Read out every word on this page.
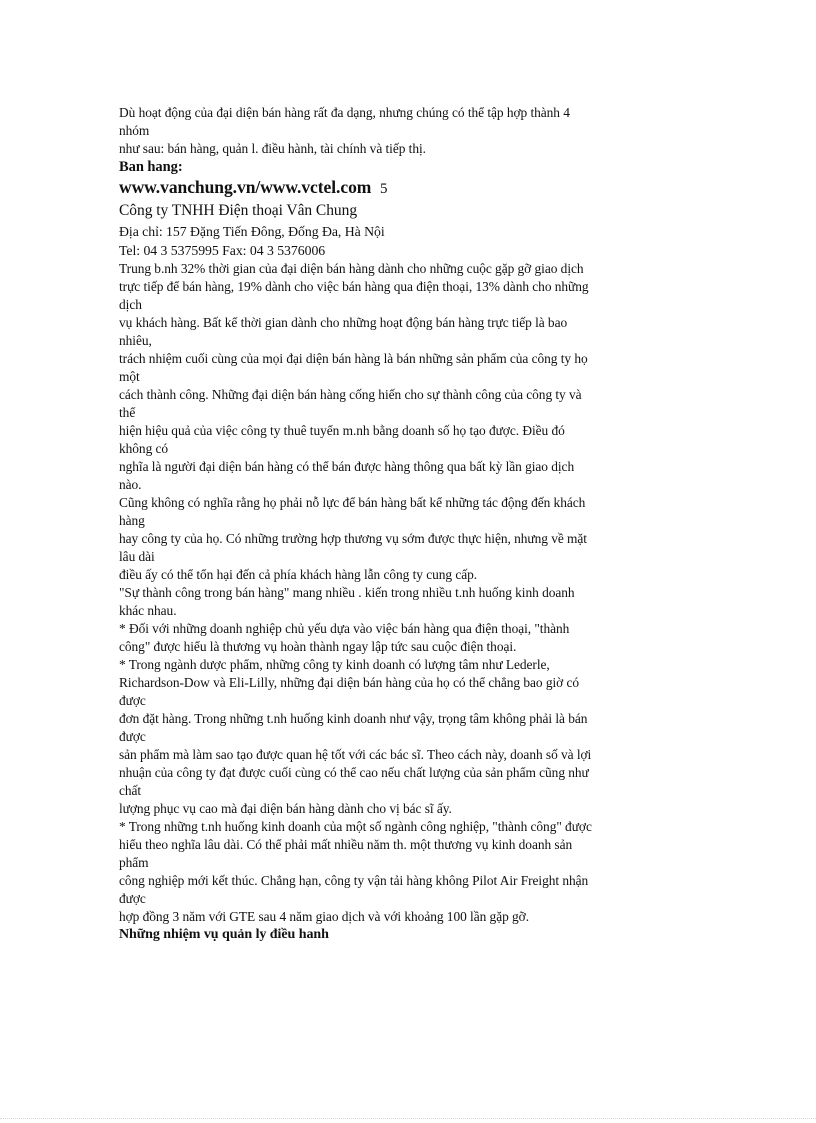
Dù hoạt động của đại diện bán hàng rất đa dạng, nhưng chúng có thể tập hợp thành 4
nhóm
như sau: bán hàng, quản l. điều hành, tài chính và tiếp thị.
Ban hang:
www.vanchung.vn/www.vctel.com 5
Công ty TNHH Điện thoại Vân Chung
Địa chỉ: 157 Đặng Tiến Đông, Đống Đa, Hà Nội
Tel: 04 3 5375995 Fax: 04 3 5376006
Trung b.nh 32% thời gian của đại diện bán hàng dành cho những cuộc gặp gỡ giao dịch
trực tiếp để bán hàng, 19% dành cho việc bán hàng qua điện thoại, 13% dành cho những
dịch
vụ khách hàng. Bất kể thời gian dành cho những hoạt động bán hàng trực tiếp là bao
nhiêu,
trách nhiệm cuối cùng của mọi đại diện bán hàng là bán những sản phẩm của công ty họ
một
cách thành công. Những đại diện bán hàng cống hiến cho sự thành công của công ty và
thể
hiện hiệu quả của việc công ty thuê tuyển m.nh bằng doanh số họ tạo được. Điều đó
không có
nghĩa là người đại diện bán hàng có thể bán được hàng thông qua bất kỳ lần giao dịch
nào.
Cũng không có nghĩa rằng họ phải nỗ lực để bán hàng bất kể những tác động đến khách
hàng
hay công ty của họ. Có những trường hợp thương vụ sớm được thực hiện, nhưng về mặt
lâu dài
điều ấy có thể tổn hại đến cả phía khách hàng lẫn công ty cung cấp.
"Sự thành công trong bán hàng" mang nhiều . kiến trong nhiều t.nh huống kinh doanh
khác nhau.
* Đối với những doanh nghiệp chủ yếu dựa vào việc bán hàng qua điện thoại, "thành
công" được hiểu là thương vụ hoàn thành ngay lập tức sau cuộc điện thoại.
* Trong ngành dược phẩm, những công ty kinh doanh có lượng tâm như Lederle,
Richardson-Dow và Eli-Lilly, những đại diện bán hàng của họ có thể chẳng bao giờ có
được
đơn đặt hàng. Trong những t.nh huống kinh doanh như vậy, trọng tâm không phải là bán
được
sản phẩm mà làm sao tạo được quan hệ tốt với các bác sĩ. Theo cách này, doanh số và lợi
nhuận của công ty đạt được cuối cùng có thể cao nếu chất lượng của sản phẩm cũng như
chất
lượng phục vụ cao mà đại diện bán hàng dành cho vị bác sĩ ấy.
* Trong những t.nh huống kinh doanh của một số ngành công nghiệp, "thành công" được
hiểu theo nghĩa lâu dài. Có thể phải mất nhiều năm th. một thương vụ kinh doanh sản
phẩm
công nghiệp mới kết thúc. Chẳng hạn, công ty vận tải hàng không Pilot Air Freight nhận
được
hợp đồng 3 năm với GTE sau 4 năm giao dịch và với khoảng 100 lần gặp gỡ.
Những nhiệm vụ quản ly điều hanh
